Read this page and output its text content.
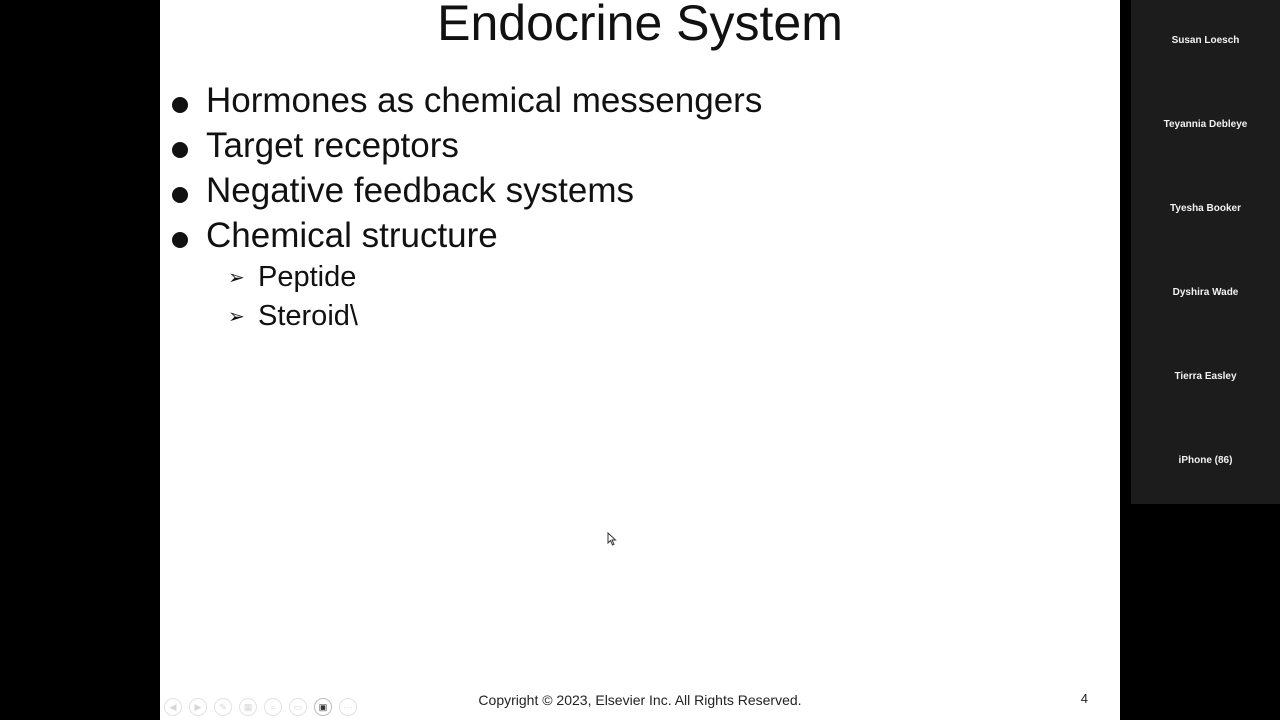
Endocrine System
Hormones as chemical messengers
Target receptors
Negative feedback systems
Chemical structure
➢ Peptide
➢ Steroid\
Copyright © 2023, Elsevier Inc. All Rights Reserved.	4
◀	▶	✎	▦	⌕	▭	▣	⋯
Susan Loesch
Teyannia Debleye
Tyesha Booker
Dyshira Wade
Tierra Easley
iPhone (86)
